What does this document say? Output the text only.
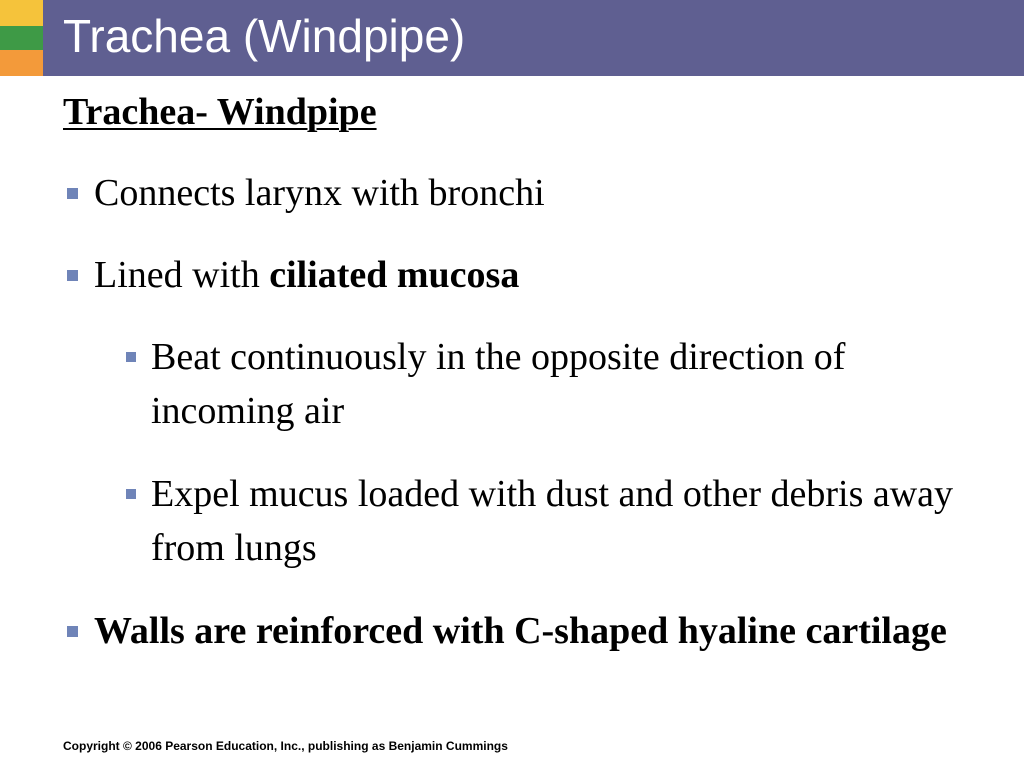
Trachea (Windpipe)
Trachea- Windpipe
Connects larynx with bronchi
Lined with ciliated mucosa
Beat continuously in the opposite direction of incoming air
Expel mucus loaded with dust and other debris away from lungs
Walls are reinforced with C-shaped hyaline cartilage
Copyright © 2006 Pearson Education, Inc., publishing as Benjamin Cummings
